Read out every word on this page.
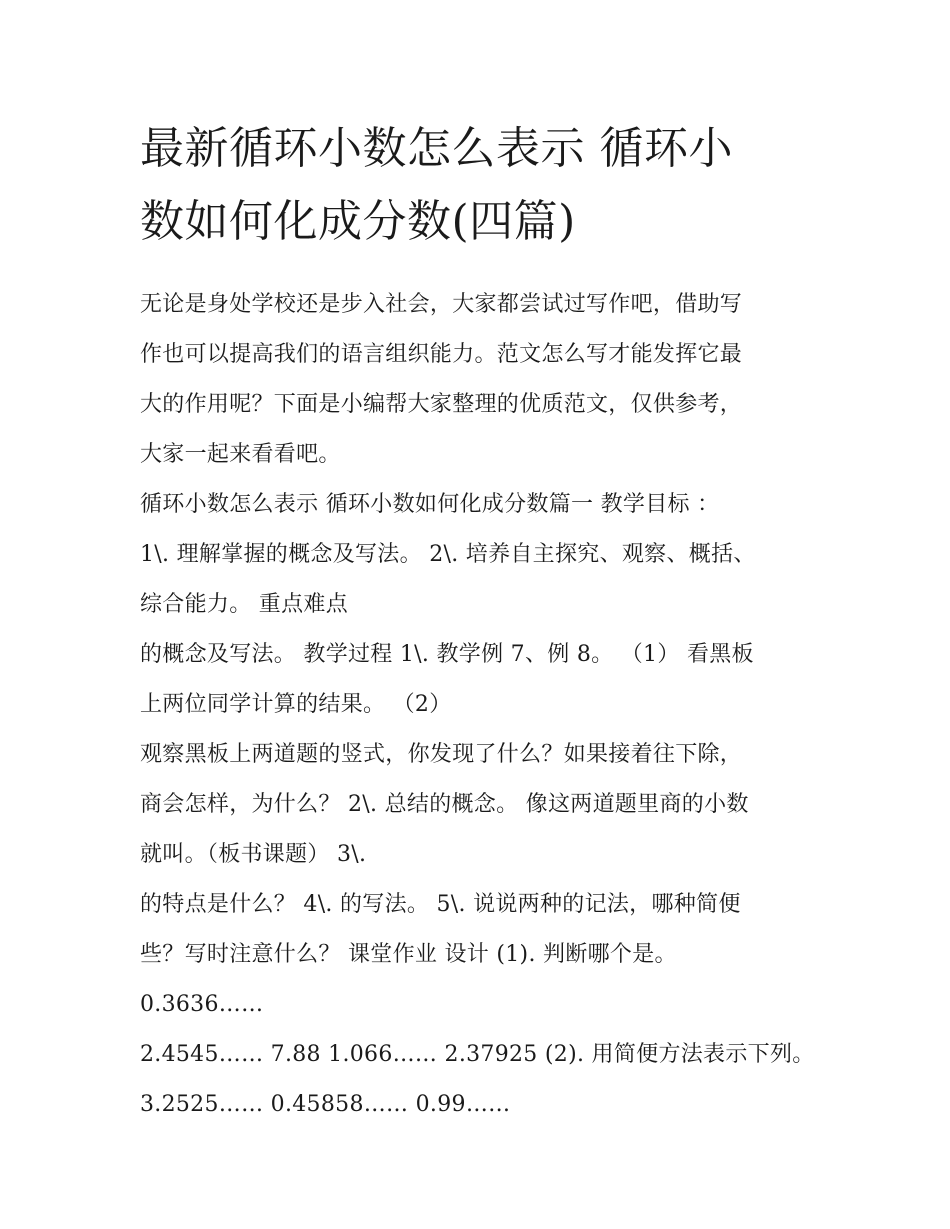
最新循环小数怎么表示 循环小
数如何化成分数(四篇)

无论是身处学校还是步入社会，大家都尝试过写作吧，借助写

作也可以提高我们的语言组织能力。范文怎么写才能发挥它最

大的作用呢？下面是小编帮大家整理的优质范文，仅供参考，

大家一起来看看吧。

循环小数怎么表示 循环小数如何化成分数篇一 教学目标 ：

1\. 理解掌握的概念及写法。 2\. 培养自主探究、观察、概括、

综合能力。 重点难点

的概念及写法。 教学过程 1\. 教学例 7、例 8。 （1） 看黑板

上两位同学计算的结果。 （2）

观察黑板上两道题的竖式，你发现了什么？如果接着往下除，

商会怎样，为什么？ 2\. 总结的概念。 像这两道题里商的小数

就叫。（板书课题） 3\.

的特点是什么？ 4\. 的写法。 5\. 说说两种的记法，哪种简便

些？写时注意什么？ 课堂作业 设计 (1). 判断哪个是。

0.3636……

2.4545…… 7.88 1.066…… 2.37925 (2). 用简便方法表示下列。

3.2525…… 0.45858…… 0.99……
